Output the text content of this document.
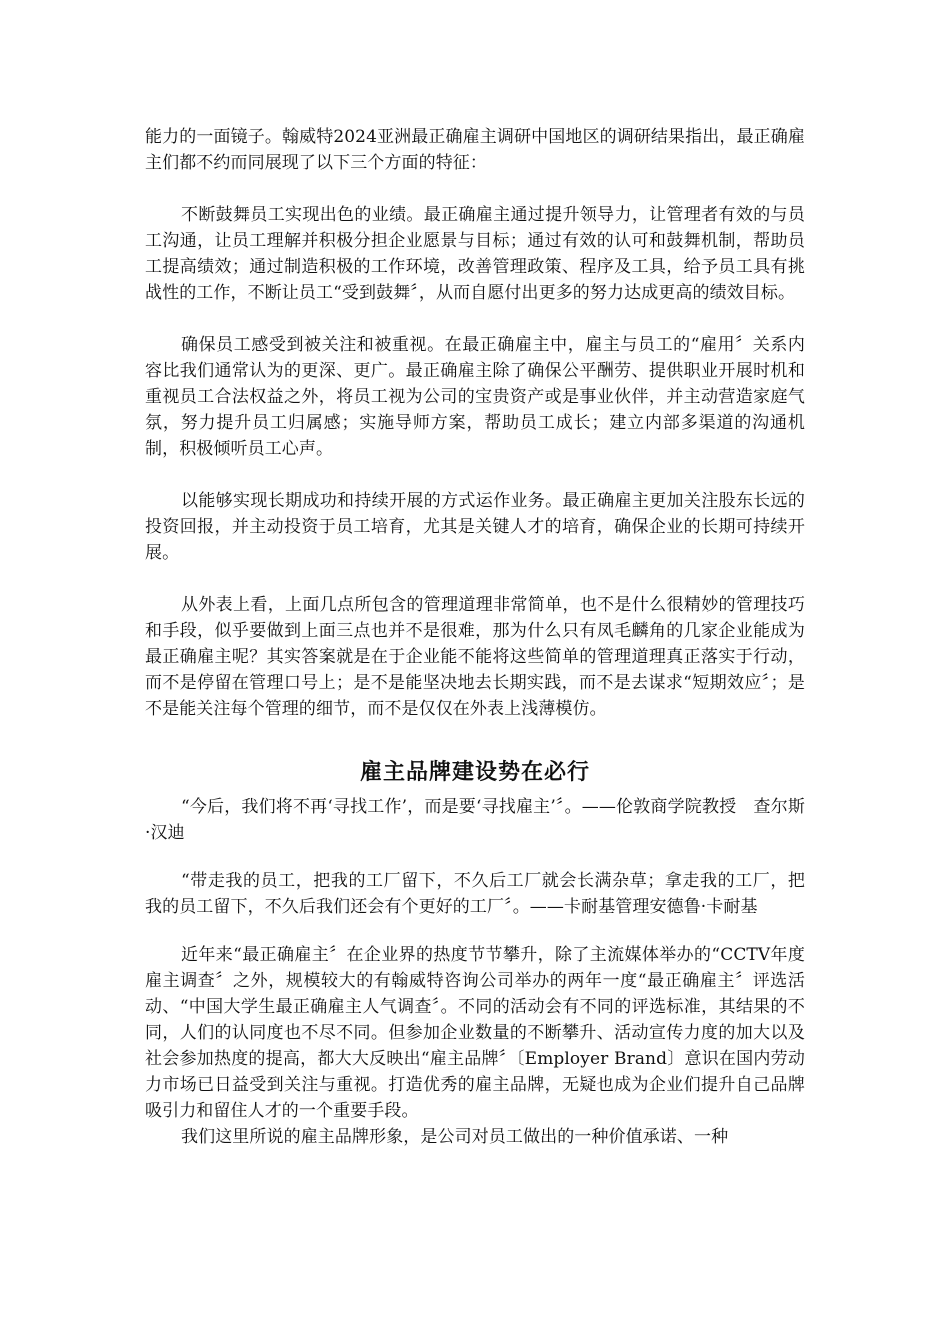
能力的一面镜子。翰威特2024亚洲最正确雇主调研中国地区的调研结果指出，最正确雇主们都不约而同展现了以下三个方面的特征：

不断鼓舞员工实现出色的业绩。最正确雇主通过提升领导力，让管理者有效的与员工沟通，让员工理解并积极分担企业愿景与目标；通过有效的认可和鼓舞机制，帮助员工提高绩效；通过制造积极的工作环境，改善管理政策、程序及工具，给予员工具有挑战性的工作，不断让员工“受到鼓舞〞，从而自愿付出更多的努力达成更高的绩效目标。

确保员工感受到被关注和被重视。在最正确雇主中，雇主与员工的“雇用〞关系内容比我们通常认为的更深、更广。最正确雇主除了确保公平酬劳、提供职业开展时机和重视员工合法权益之外，将员工视为公司的宝贵资产或是事业伙伴，并主动营造家庭气氛，努力提升员工归属感；实施导师方案，帮助员工成长；建立内部多渠道的沟通机制，积极倾听员工心声。

以能够实现长期成功和持续开展的方式运作业务。最正确雇主更加关注股东长远的投资回报，并主动投资于员工培育，尤其是关键人才的培育，确保企业的长期可持续开展。

从外表上看，上面几点所包含的管理道理非常简单，也不是什么很精妙的管理技巧和手段，似乎要做到上面三点也并不是很难，那为什么只有凤毛麟角的几家企业能成为最正确雇主呢？其实答案就是在于企业能不能将这些简单的管理道理真正落实于行动，而不是停留在管理口号上；是不是能坚决地去长期实践，而不是去谋求“短期效应〞；是不是能关注每个管理的细节，而不是仅仅在外表上浅薄模仿。

雇主品牌建设势在必行

“今后，我们将不再‘寻找工作’，而是要‘寻找雇主’〞。——伦敦商学院教授　查尔斯·汉迪

“带走我的员工，把我的工厂留下，不久后工厂就会长满杂草；拿走我的工厂，把我的员工留下，不久后我们还会有个更好的工厂〞。——卡耐基管理安德鲁·卡耐基

近年来“最正确雇主〞在企业界的热度节节攀升，除了主流媒体举办的“CCTV年度雇主调查〞之外，规模较大的有翰威特咨询公司举办的两年一度“最正确雇主〞评选活动、“中国大学生最正确雇主人气调查〞。不同的活动会有不同的评选标准，其结果的不同，人们的认同度也不尽不同。但参加企业数量的不断攀升、活动宣传力度的加大以及社会参加热度的提高，都大大反映出“雇主品牌〞〔Employer Brand〕意识在国内劳动力市场已日益受到关注与重视。打造优秀的雇主品牌，无疑也成为企业们提升自己品牌吸引力和留住人才的一个重要手段。

我们这里所说的雇主品牌形象，是公司对员工做出的一种价值承诺、一种
